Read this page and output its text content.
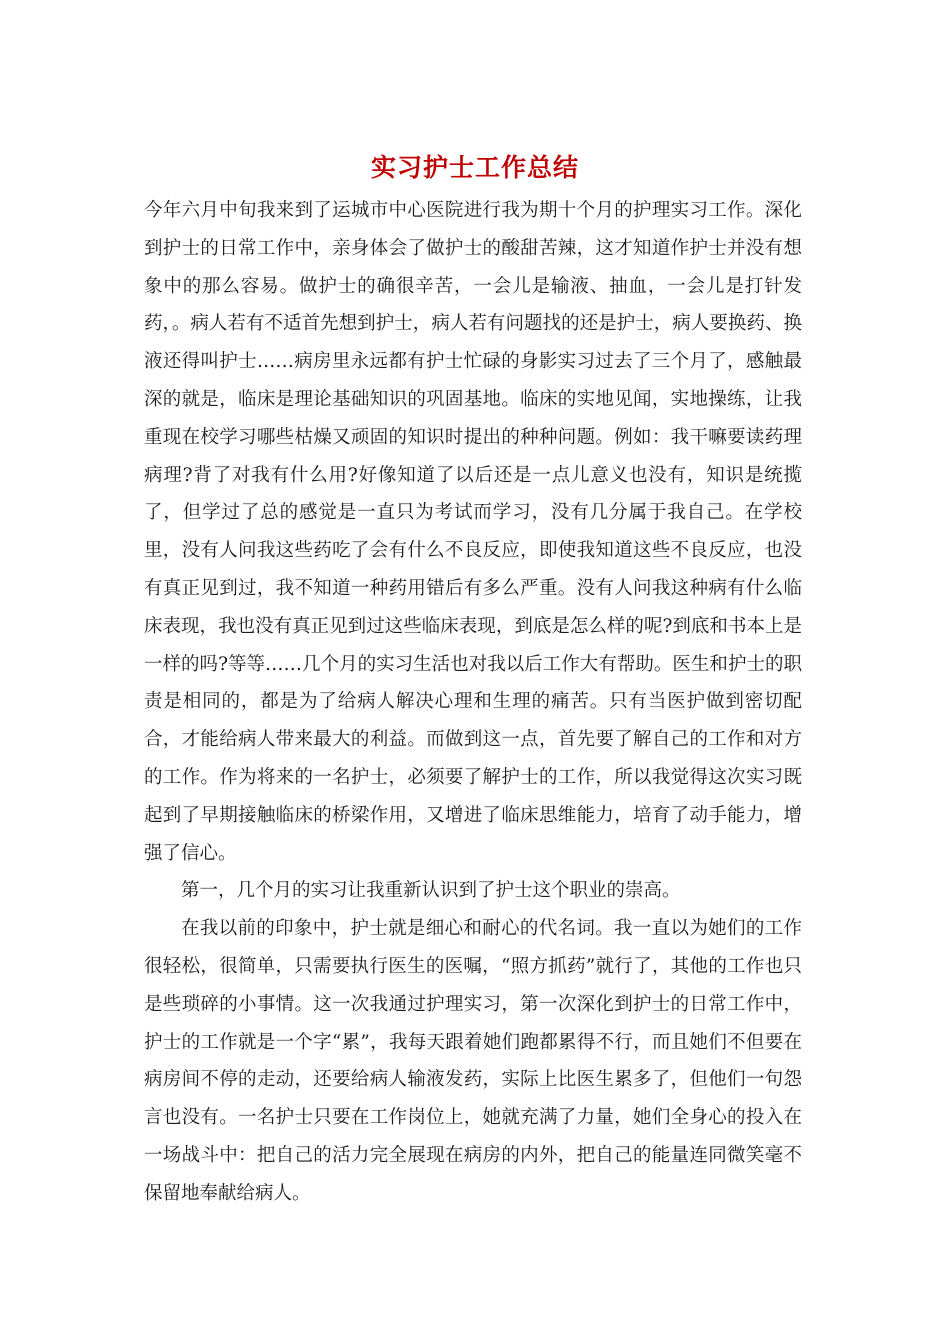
实习护士工作总结

今年六月中旬我来到了运城市中心医院进行我为期十个月的护理实习工作。深化到护士的日常工作中，亲身体会了做护士的酸甜苦辣，这才知道作护士并没有想象中的那么容易。做护士的确很辛苦，一会儿是输液、抽血，一会儿是打针发药，。病人若有不适首先想到护士，病人若有问题找的还是护士，病人要换药、换液还得叫护士……病房里永远都有护士忙碌的身影实习过去了三个月了，感触最深的就是，临床是理论基础知识的巩固基地。临床的实地见闻，实地操练，让我重现在校学习哪些枯燥又顽固的知识时提出的种种问题。例如：我干嘛要读药理病理?背了对我有什么用?好像知道了以后还是一点儿意义也没有，知识是统揽了，但学过了总的感觉是一直只为考试而学习，没有几分属于我自己。在学校里，没有人问我这些药吃了会有什么不良反应，即使我知道这些不良反应，也没有真正见到过，我不知道一种药用错后有多么严重。没有人问我这种病有什么临床表现，我也没有真正见到过这些临床表现，到底是怎么样的呢?到底和书本上是一样的吗?等等……几个月的实习生活也对我以后工作大有帮助。医生和护士的职责是相同的，都是为了给病人解决心理和生理的痛苦。只有当医护做到密切配合，才能给病人带来最大的利益。而做到这一点，首先要了解自己的工作和对方的工作。作为将来的一名护士，必须要了解护士的工作，所以我觉得这次实习既起到了早期接触临床的桥梁作用，又增进了临床思维能力，培育了动手能力，增强了信心。

第一，几个月的实习让我重新认识到了护士这个职业的崇高。

在我以前的印象中，护士就是细心和耐心的代名词。我一直以为她们的工作很轻松，很简单，只需要执行医生的医嘱，“照方抓药”就行了，其他的工作也只是些琐碎的小事情。这一次我通过护理实习，第一次深化到护士的日常工作中，护士的工作就是一个字“累”，我每天跟着她们跑都累得不行，而且她们不但要在病房间不停的走动，还要给病人输液发药，实际上比医生累多了，但他们一句怨言也没有。一名护士只要在工作岗位上，她就充满了力量，她们全身心的投入在一场战斗中：把自己的活力完全展现在病房的内外，把自己的能量连同微笑毫不保留地奉献给病人。
